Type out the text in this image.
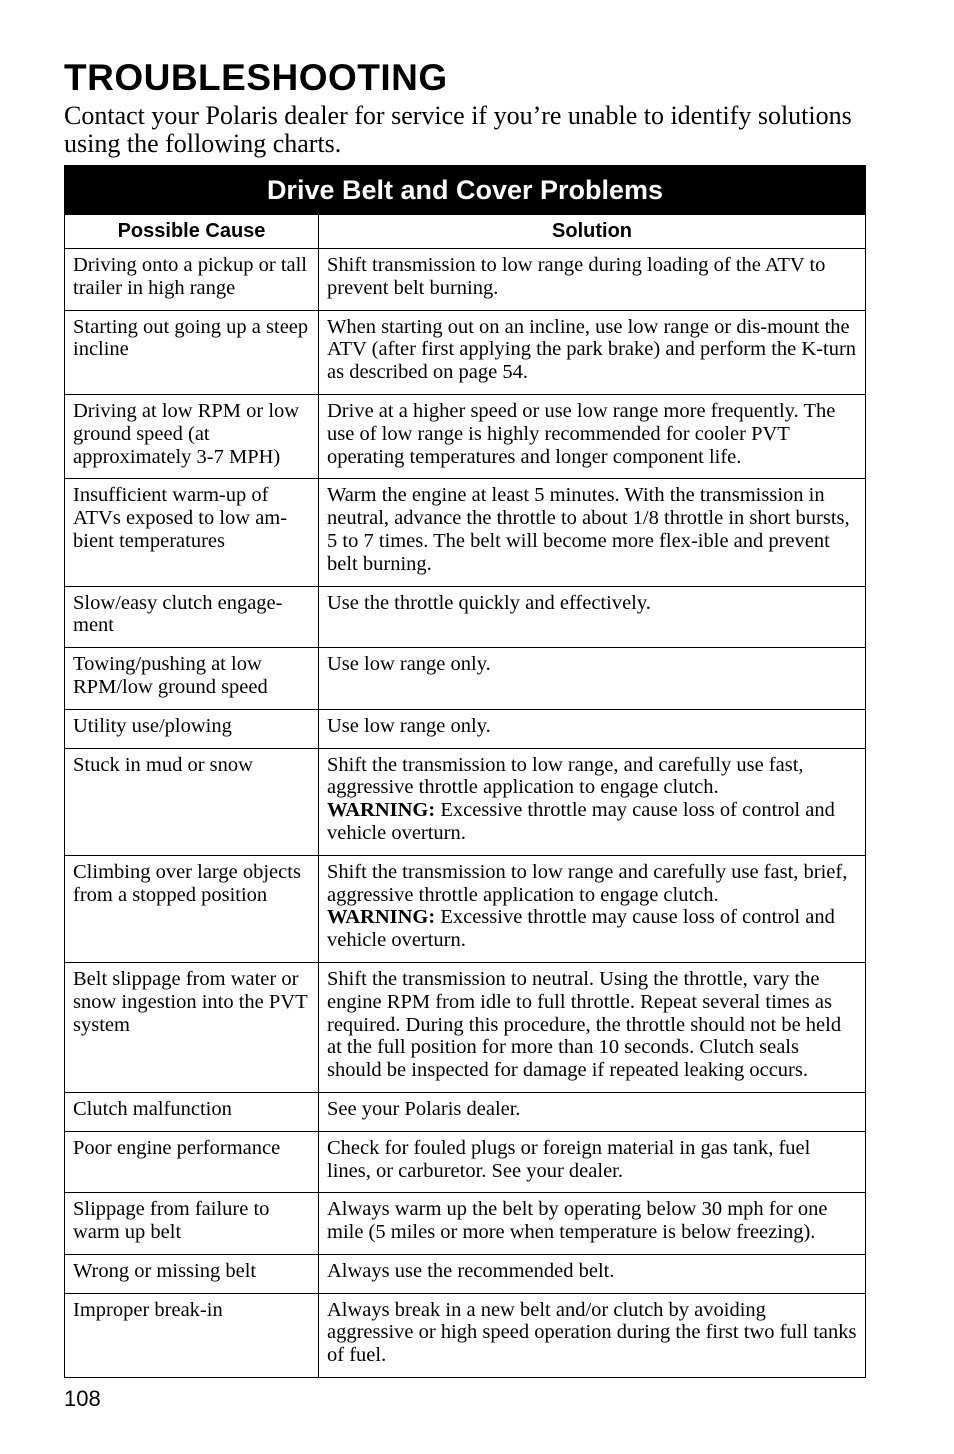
TROUBLESHOOTING

Contact your Polaris dealer for service if you’re unable to identify solutions using the following charts.

Drive Belt and Cover Problems	
Possible Cause	Solution
Driving onto a pickup or tall trailer in high range	Shift transmission to low range during loading of the ATV to prevent belt burning.
Starting out going up a steep incline	When starting out on an incline, use low range or dis-mount the ATV (after first applying the park brake) and perform the K-turn as described on page 54.
Driving at low RPM or low ground speed (at approximately 3-7 MPH)	Drive at a higher speed or use low range more frequently. The use of low range is highly recommended for cooler PVT operating temperatures and longer component life.
Insufficient warm-up of ATVs exposed to low am-bient temperatures	Warm the engine at least 5 minutes. With the transmission in neutral, advance the throttle to about 1/8 throttle in short bursts, 5 to 7 times. The belt will become more flex-ible and prevent belt burning.
Slow/easy clutch engage-ment	Use the throttle quickly and effectively.
Towing/pushing at low RPM/low ground speed	Use low range only.
Utility use/plowing	Use low range only.
Stuck in mud or snow	Shift the transmission to low range, and carefully use fast, aggressive throttle application to engage clutch.
WARNING: Excessive throttle may cause loss of control and vehicle overturn.
Climbing over large objects from a stopped position	Shift the transmission to low range and carefully use fast, brief, aggressive throttle application to engage clutch.
WARNING: Excessive throttle may cause loss of control and vehicle overturn.
Belt slippage from water or snow ingestion into the PVT system	Shift the transmission to neutral. Using the throttle, vary the engine RPM from idle to full throttle. Repeat several times as required. During this procedure, the throttle should not be held at the full position for more than 10 seconds. Clutch seals should be inspected for damage if repeated leaking occurs.
Clutch malfunction	See your Polaris dealer.
Poor engine performance	Check for fouled plugs or foreign material in gas tank, fuel lines, or carburetor. See your dealer.
Slippage from failure to warm up belt	Always warm up the belt by operating below 30 mph for one mile (5 miles or more when temperature is below freezing).
Wrong or missing belt	Always use the recommended belt.
Improper break-in	Always break in a new belt and/or clutch by avoiding aggressive or high speed operation during the first two full tanks of fuel.
108
